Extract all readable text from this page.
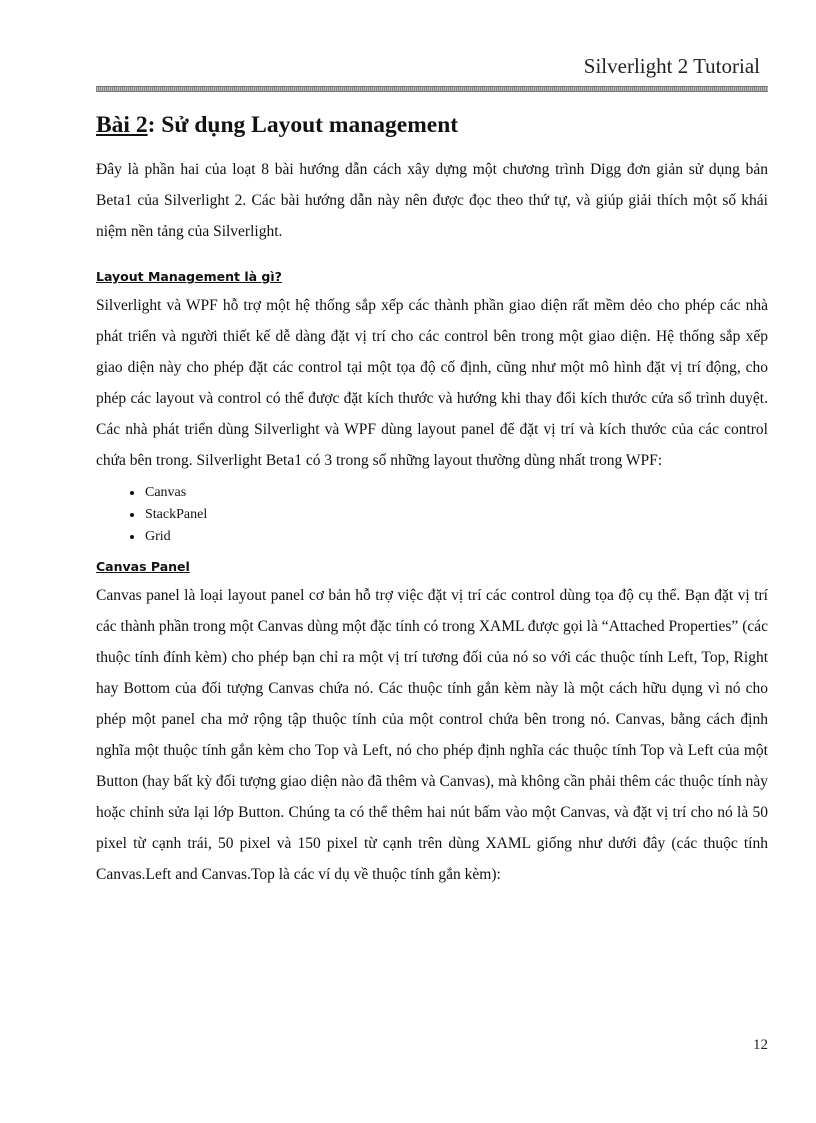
Silverlight 2 Tutorial
Bài 2: Sử dụng Layout management

Đây là phần hai của loạt 8 bài hướng dẫn cách xây dựng một chương trình Digg đơn giản sử dụng bản Beta1 của Silverlight 2. Các bài hướng dẫn này nên được đọc theo thứ tự, và giúp giải thích một số khái niệm nền tảng của Silverlight.

Layout Management là gì?

Silverlight và WPF hỗ trợ một hệ thống sắp xếp các thành phần giao diện rất mềm dẻo cho phép các nhà phát triển và người thiết kế dễ dàng đặt vị trí cho các control bên trong một giao diện. Hệ thống sắp xếp giao diện này cho phép đặt các control tại một tọa độ cố định, cũng như một mô hình đặt vị trí động, cho phép các layout và control có thể được đặt kích thước và hướng khi thay đổi kích thước cửa sổ trình duyệt. Các nhà phát triển dùng Silverlight và WPF dùng layout panel để đặt vị trí và kích thước của các control chứa bên trong. Silverlight Beta1 có 3 trong số những layout thường dùng nhất trong WPF:

• Canvas
• StackPanel
• Grid
Canvas Panel

Canvas panel là loại layout panel cơ bản hỗ trợ việc đặt vị trí các control dùng tọa độ cụ thể. Bạn đặt vị trí các thành phần trong một Canvas dùng một đặc tính có trong XAML được gọi là “Attached Properties” (các thuộc tính đính kèm) cho phép bạn chỉ ra một vị trí tương đối của nó so với các thuộc tính Left, Top, Right hay Bottom của đối tượng Canvas chứa nó. Các thuộc tính gắn kèm này là một cách hữu dụng vì nó cho phép một panel cha mở rộng tập thuộc tính của một control chứa bên trong nó. Canvas, bằng cách định nghĩa một thuộc tính gắn kèm cho Top và Left, nó cho phép định nghĩa các thuộc tính Top và Left của một Button (hay bất kỳ đối tượng giao diện nào đã thêm và Canvas), mà không cần phải thêm các thuộc tính này hoặc chỉnh sửa lại lớp Button. Chúng ta có thể thêm hai nút bấm vào một Canvas, và đặt vị trí cho nó là 50 pixel từ cạnh trái, 50 pixel và 150 pixel từ cạnh trên dùng XAML giống như dưới đây (các thuộc tính Canvas.Left and Canvas.Top là các ví dụ về thuộc tính gắn kèm):

12
